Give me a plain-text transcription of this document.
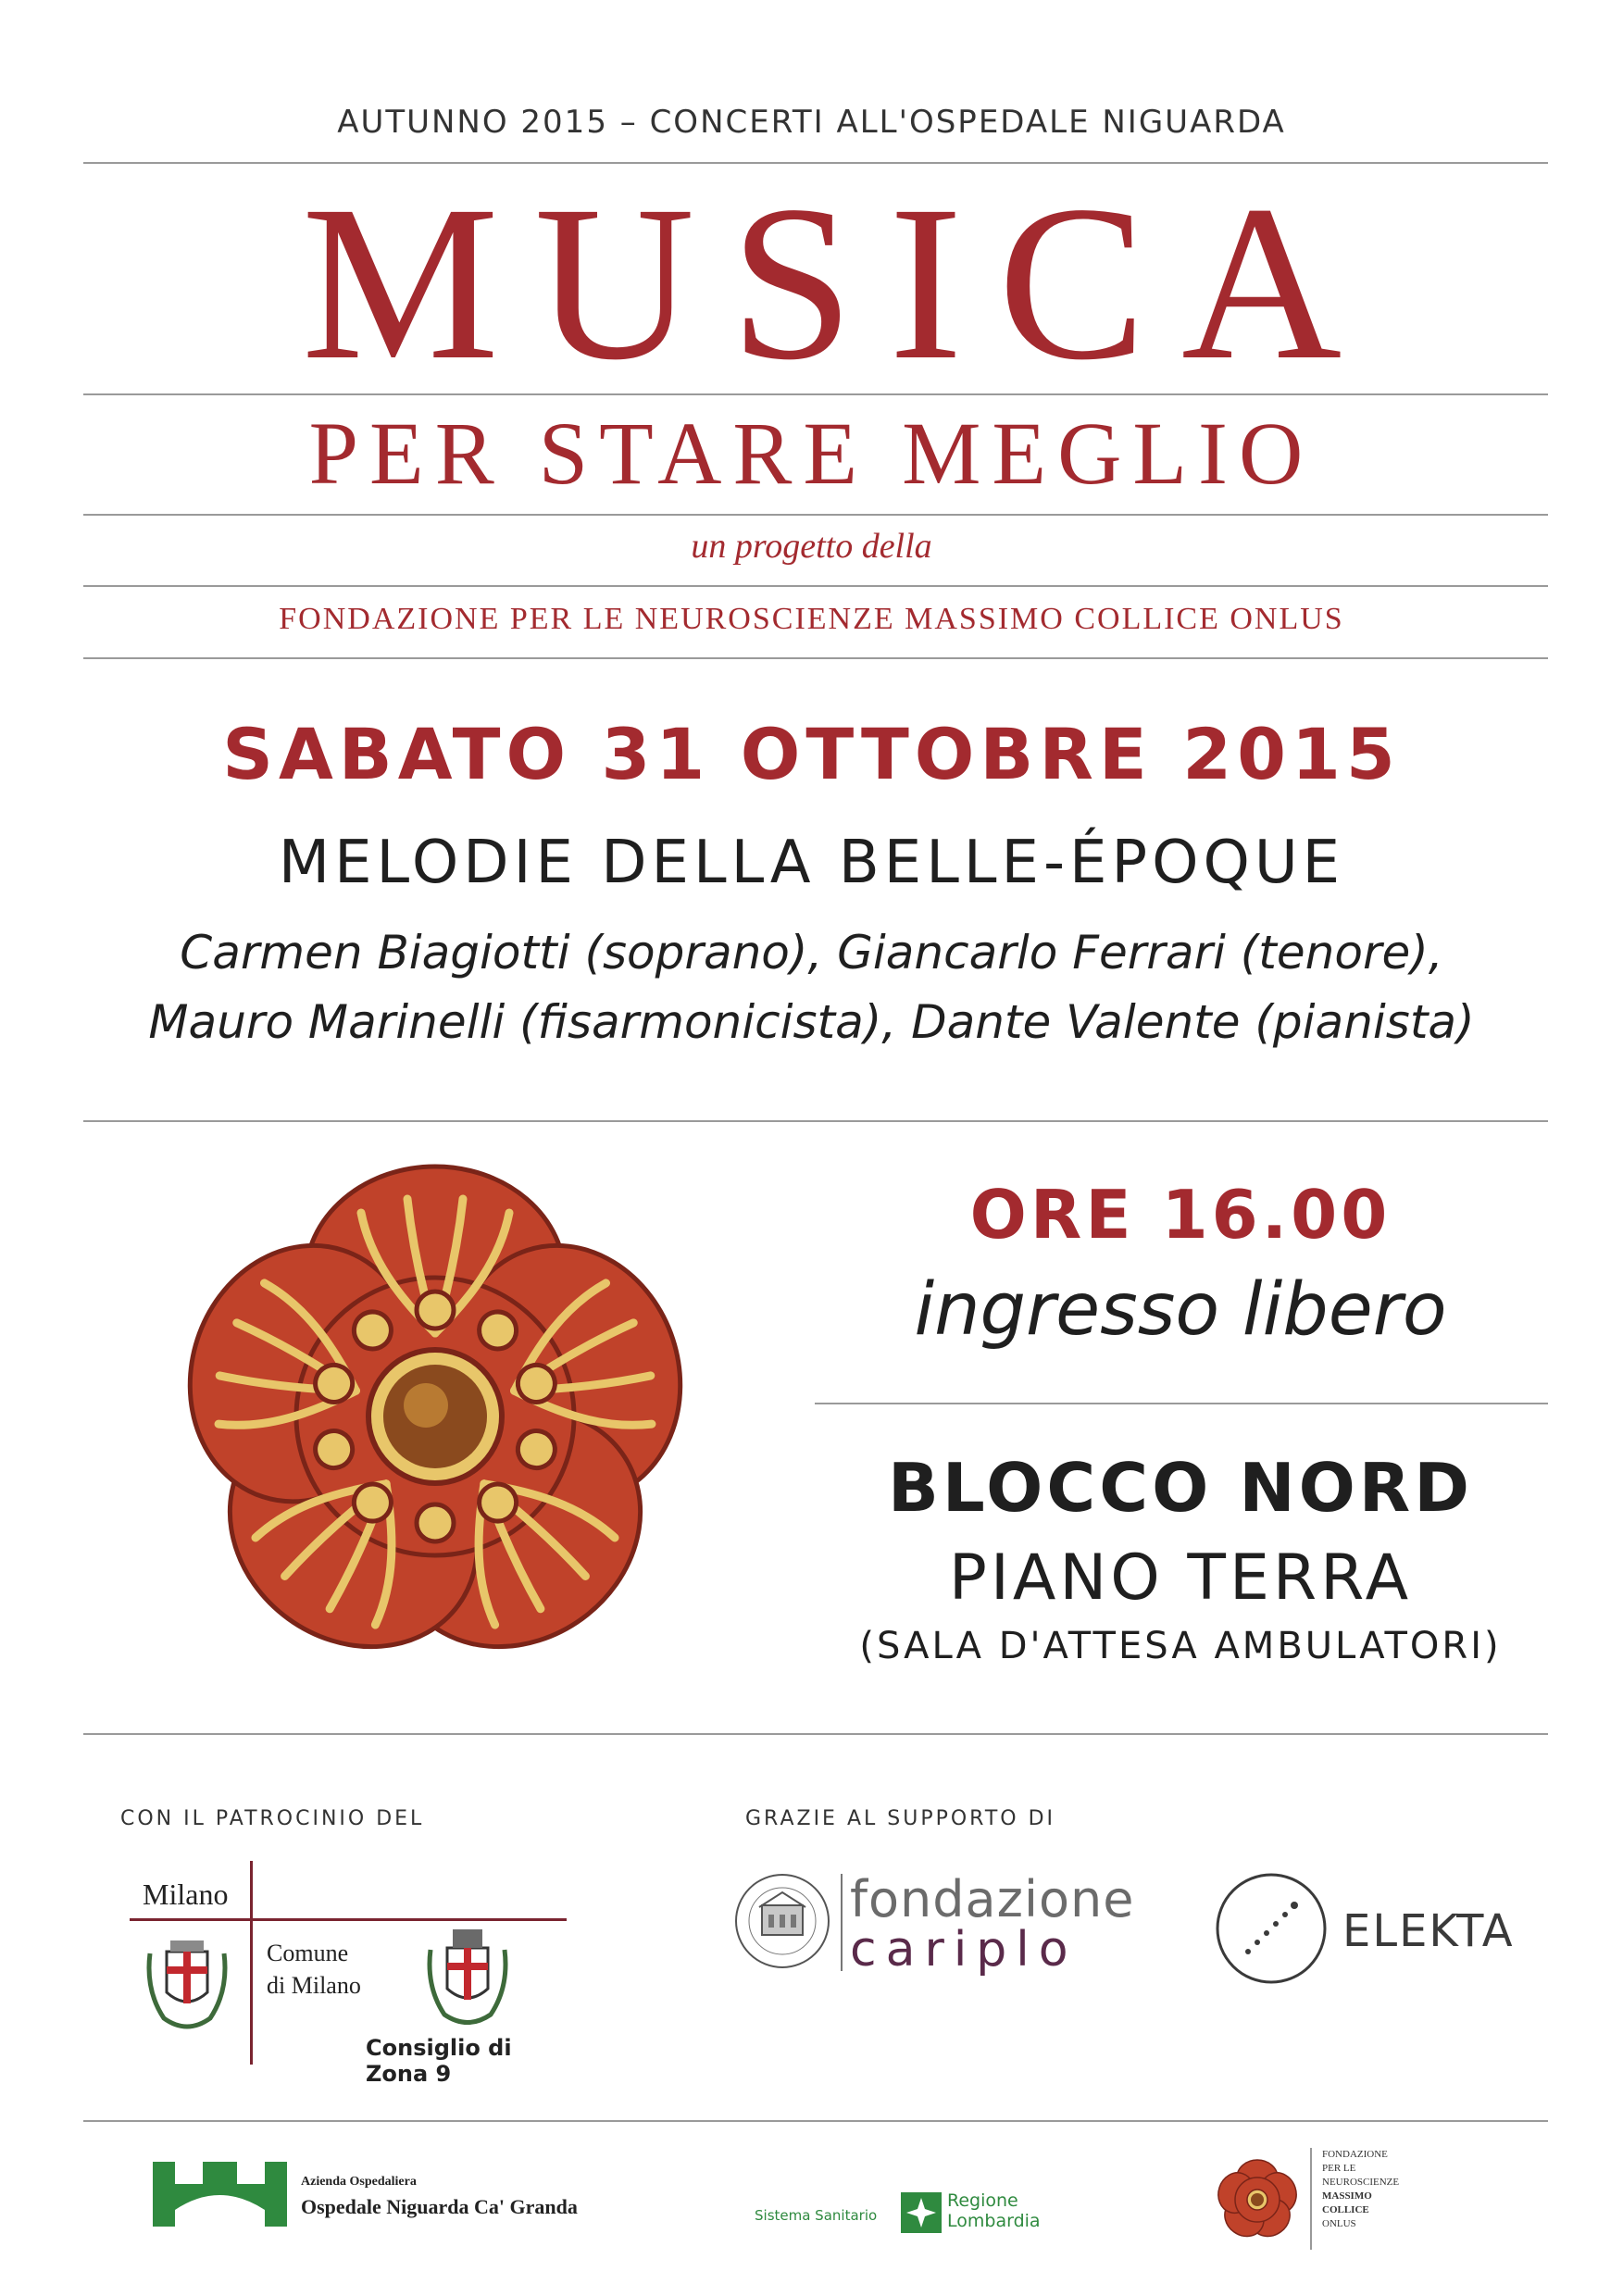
AUTUNNO 2015 – CONCERTI ALL'OSPEDALE NIGUARDA
MUSICA
PER STARE MEGLIO
un progetto della
FONDAZIONE PER LE NEUROSCIENZE MASSIMO COLLICE ONLUS
SABATO 31 OTTOBRE 2015
MELODIE DELLA BELLE-ÉPOQUE
Carmen Biagiotti (soprano), Giancarlo Ferrari (tenore),
Mauro Marinelli (fisarmonicista), Dante Valente (pianista)
ORE 16.00
ingresso libero
BLOCCO NORD
PIANO TERRA
(SALA D'ATTESA AMBULATORI)
CON IL PATROCINIO DEL
Milano
Comune
di Milano
Consiglio di Zona 9
GRAZIE AL SUPPORTO DI
fondazione
cariplo	ELEKTA
Azienda Ospedaliera
Ospedale Niguarda Ca' Granda	Sistema Sanitario
Regione
Lombardia
FONDAZIONE
PER LE
NEUROSCIENZE
MASSIMO
COLLICE
ONLUS
